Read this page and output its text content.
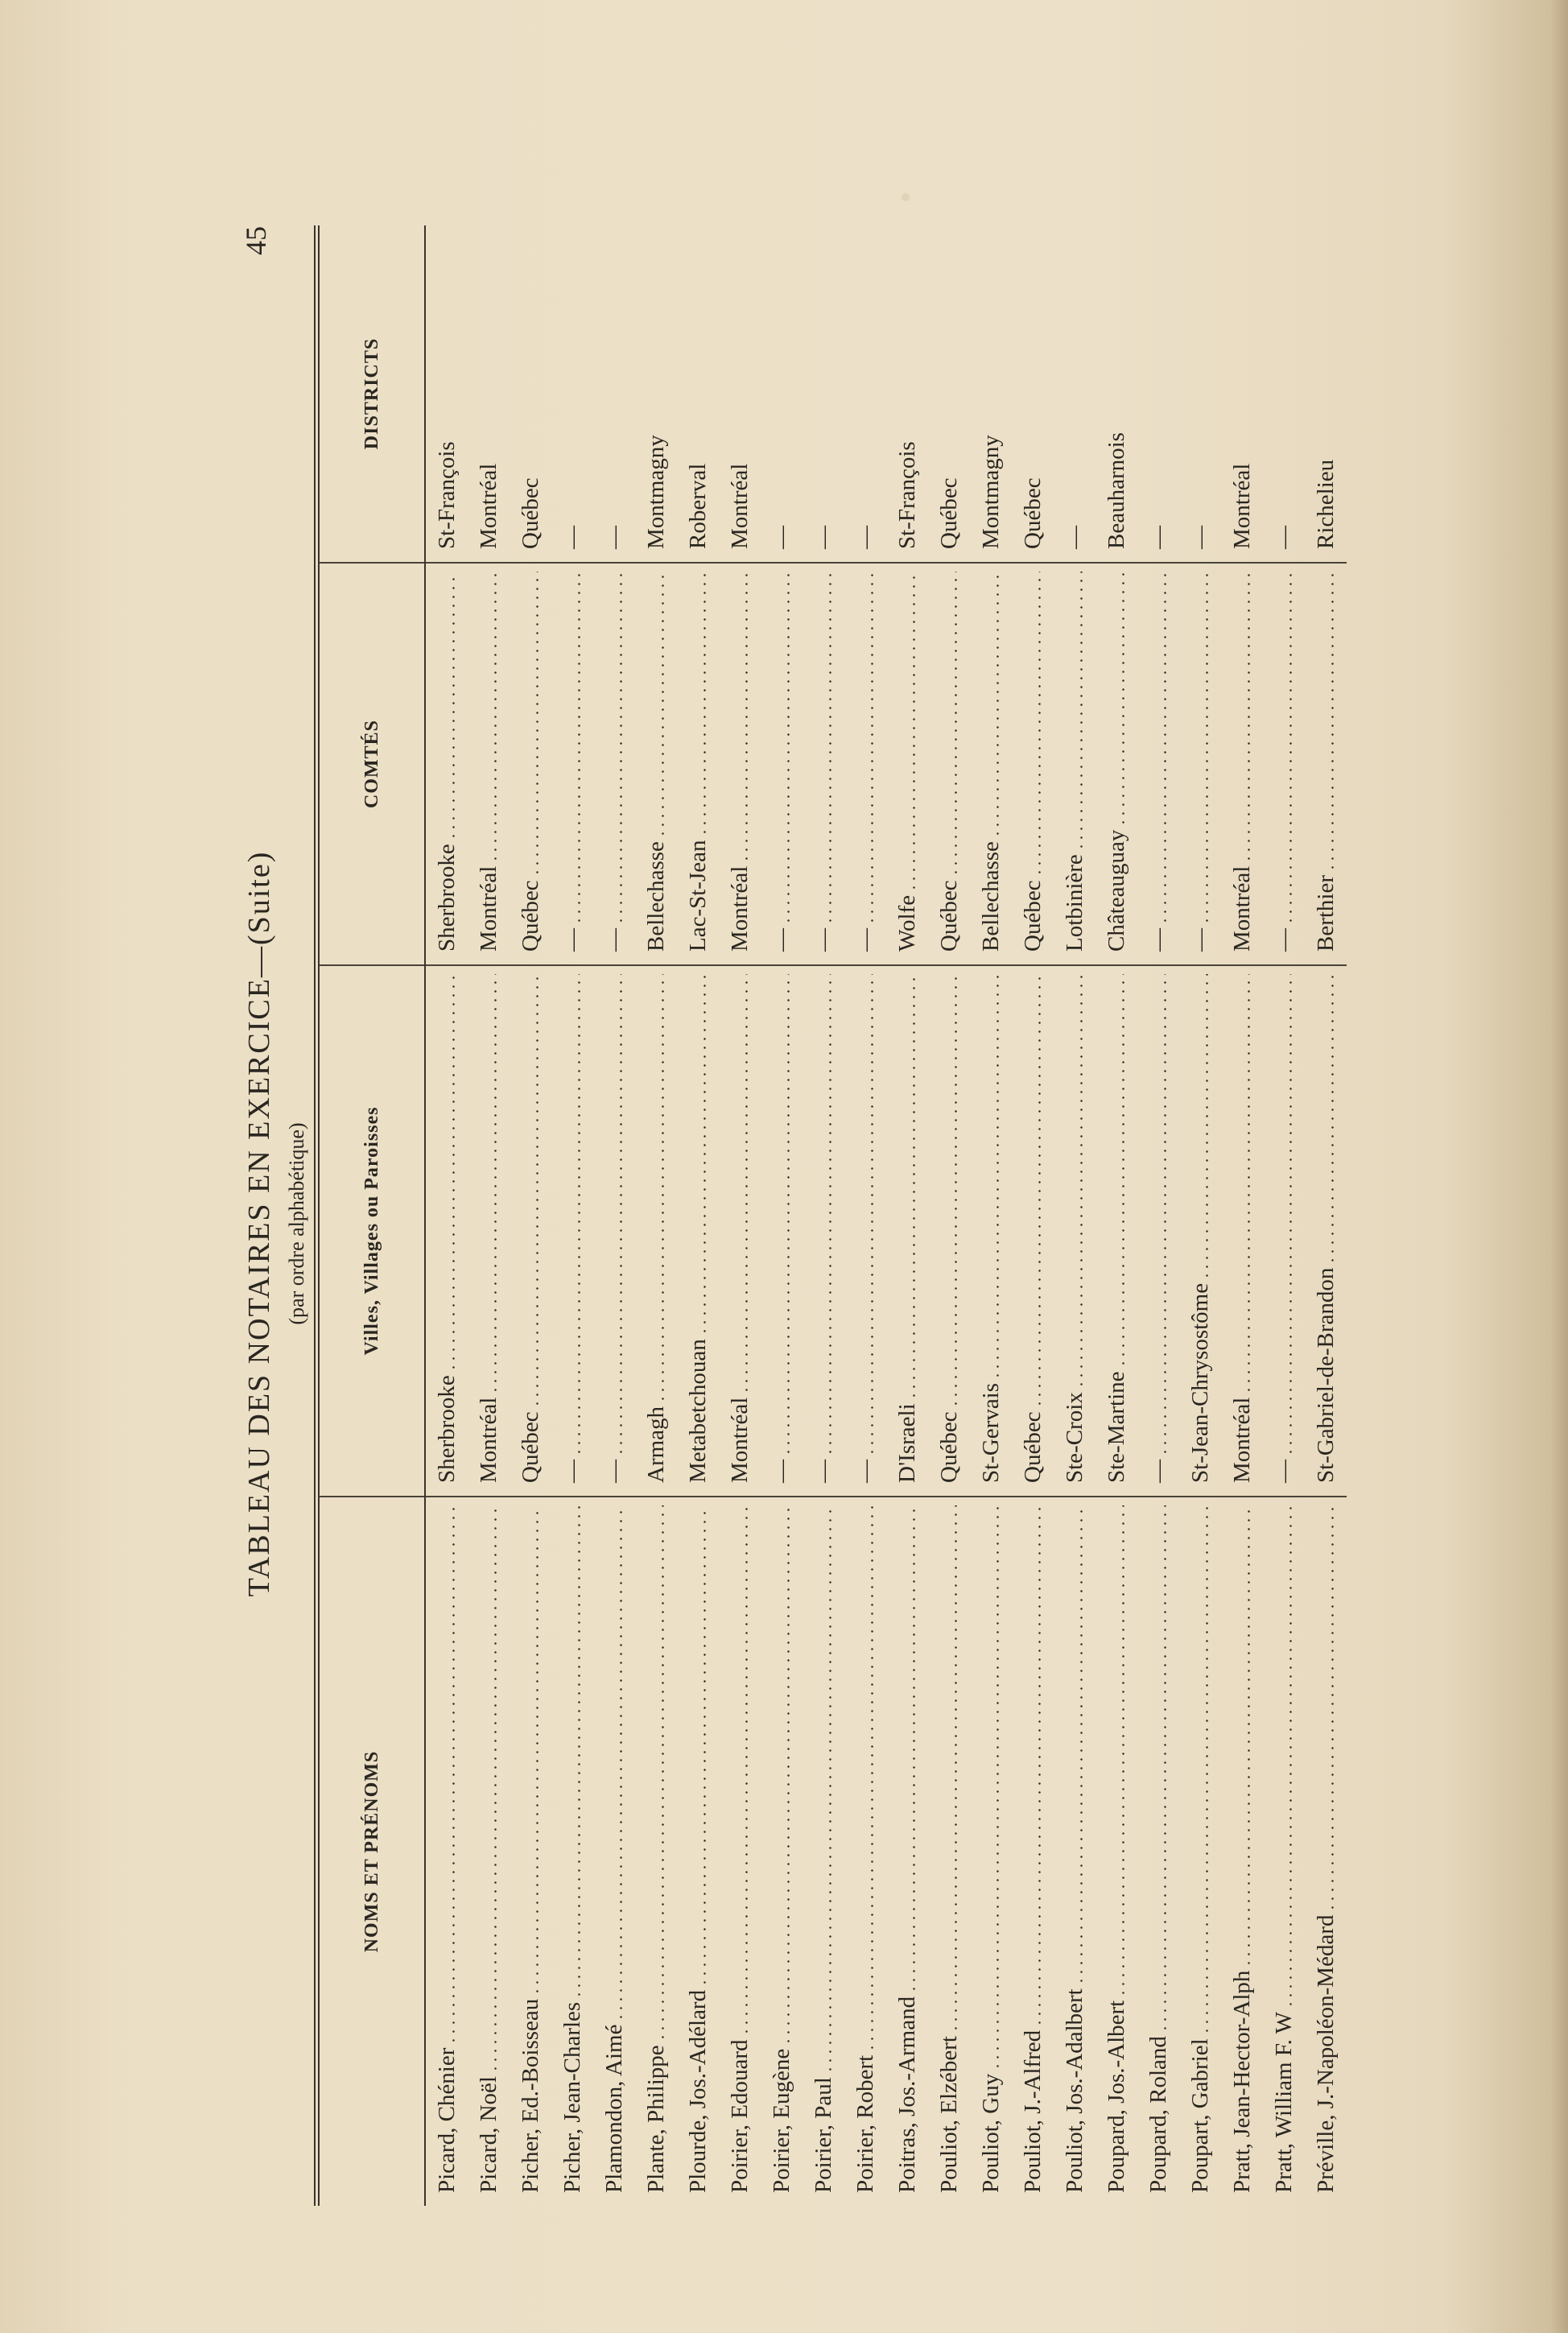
45
TABLEAU DES NOTAIRES EN EXERCICE—(Suite) (par ordre alphabétique)
NOMS ET PRÉNOMS
Villes, Villages ou Paroisses
COMTÉS
DISTRICTS
Picard, Chénier
Sherbrooke
Sherbrooke
St-François
Picard, Noël
Montréal
Montréal
Montréal
Picher, Ed.-Boisseau
Québec
Québec
Québec
Picher, Jean-Charles
—
—
—
Plamondon, Aimé
—
—
—
Plante, Philippe
Armagh
Bellechasse
Montmagny
Plourde, Jos.-Adélard
Metabetchouan
Lac-St-Jean
Roberval
Poirier, Edouard
Montréal
Montréal
Montréal
Poirier, Eugène
—
—
—
Poirier, Paul
—
—
—
Poirier, Robert
—
—
—
Poitras, Jos.-Armand
D'Israeli
Wolfe
St-François
Pouliot, Elzébert
Québec
Québec
Québec
Pouliot, Guy
St-Gervais
Bellechasse
Montmagny
Pouliot, J.-Alfred
Québec
Québec
Québec
Pouliot, Jos.-Adalbert
Ste-Croix
Lotbinière
—
Poupard, Jos.-Albert
Ste-Martine
Châteauguay
Beauharnois
Poupard, Roland
—
—
—
Poupart, Gabriel
St-Jean-Chrysostôme
—
—
Pratt, Jean-Hector-Alph
Montréal
Montréal
Montréal
Pratt, William F. W
—
—
—
Préville, J.-Napoléon-Médard
St-Gabriel-de-Brandon
Berthier
Richelieu
